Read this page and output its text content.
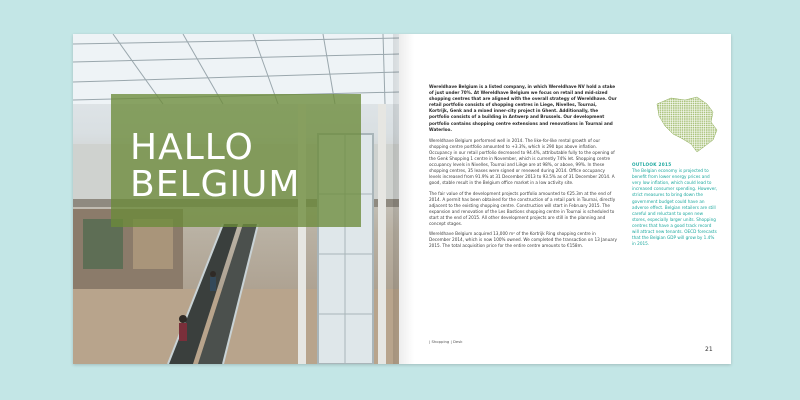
HALLO
BELGIUM

Wereldhave Belgium is a listed company, in which Wereldhave NV hold a stake of just under 70%. At Wereldhave Belgium we focus on retail and mid-sized shopping centres that are aligned with the overall strategy of Wereldhave. Our retail portfolio consists of shopping centres in Liege, Nivelles, Tournai, Kortrijk, Genk and a mixed inner-city project in Ghent. Additionally, the portfolio consists of a building in Antwerp and Brussels. Our development portfolio contains shopping centre extensions and renovations in Tournai and Waterloo.

Wereldhave Belgium performed well in 2014. The like-for-like rental growth of our shopping centre portfolio amounted to +3.3%, which is 290 bps above inflation. Occupancy in our retail portfolio decreased to 94.4%, attributable fully to the opening of the Genk Shopping 1 centre in November, which is currently 74% let. Shopping centre occupancy levels in Nivelles, Tournai and Liège are at 98%, or above, 99%. In these shopping centres, 35 leases were signed or renewed during 2014. Office occupancy levels increased from 91.9% at 31 December 2013 to 93.5% as of 31 December 2014. A good, stable result in the Belgium office market in a low activity site.

The fair value of the development projects portfolio amounted to €25.3m at the end of 2014. A permit has been obtained for the construction of a retail park in Tournai, directly adjacent to the existing shopping centre. Construction will start in February 2015. The expansion and renovation of the Les Bastions shopping centre in Tournai is scheduled to start at the end of 2015. All other development projects are still in the planning and concept stages.

Wereldhave Belgium acquired 13,000 m² of the Kortrijk Ring shopping centre in December 2014, which is now 100% owned. We completed the transaction on 13 January 2015. The total acquisition price for the entire centre amounts to €158m.

OUTLOOK 2015
The Belgian economy is projected to benefit from lower energy prices and very low inflation, which could lead to increased consumer spending. However, strict measures to bring down the government budget could have an adverse effect. Belgian retailers are still careful and reluctant to open new stores, especially larger units. Shopping centres that have a good track record will attract new tenants. OECD forecasts that the Belgian GDP will grow by 1.4% in 2015.
| Shopping | Desk
21
